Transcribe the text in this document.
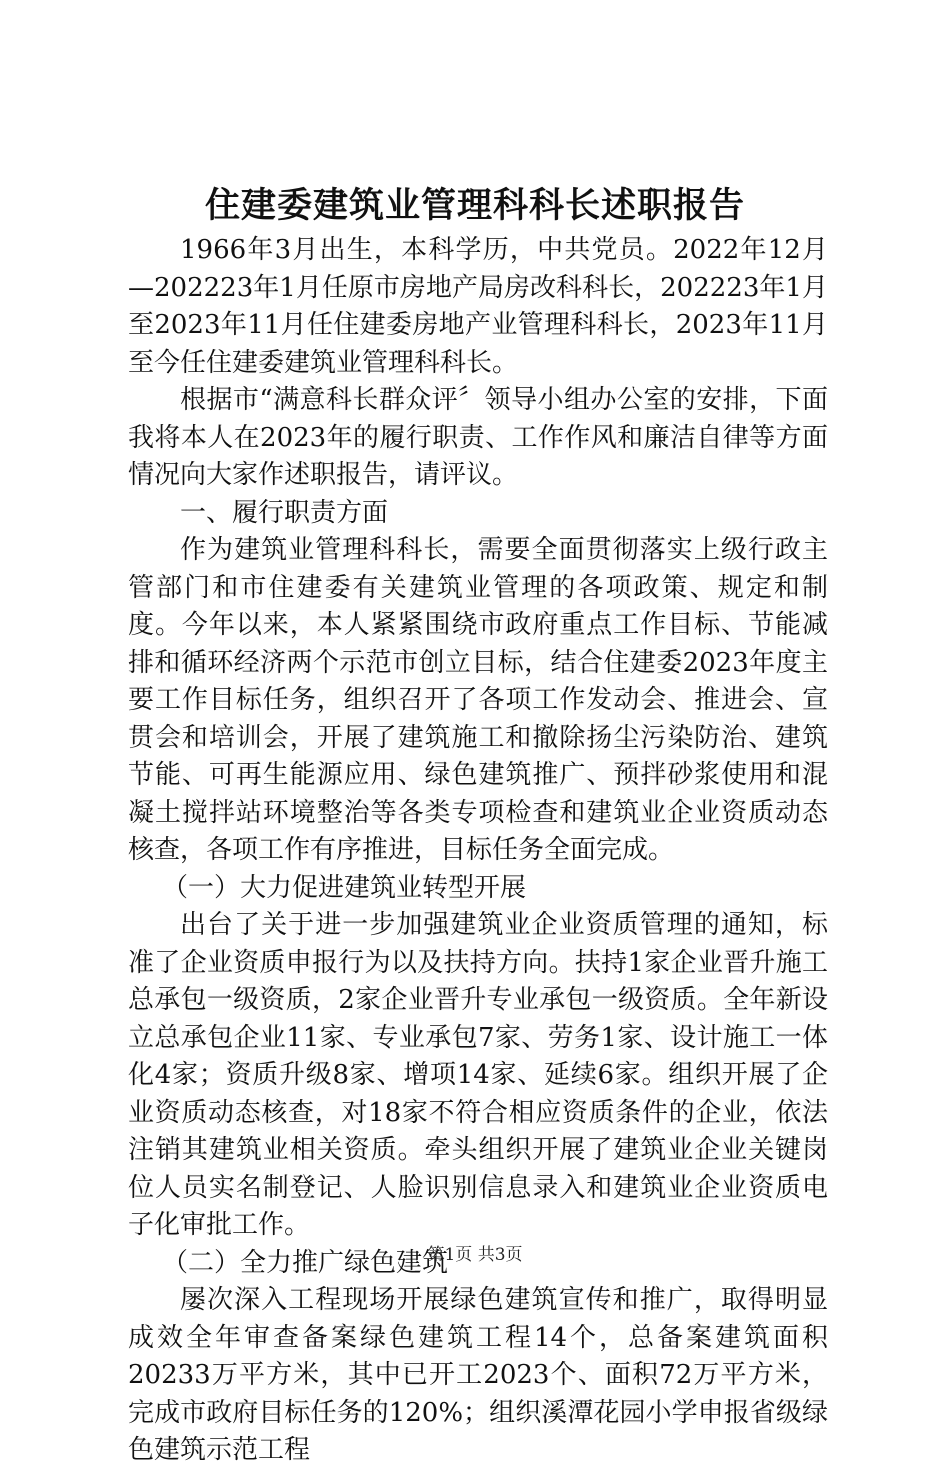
住建委建筑业管理科科长述职报告

1966年3月出生，本科学历，中共党员。2022年12月—202223年1月任原市房地产局房改科科长，202223年1月至2023年11月任住建委房地产业管理科科长，2023年11月至今任住建委建筑业管理科科长。

根据市“满意科长群众评〞领导小组办公室的安排，下面我将本人在2023年的履行职责、工作作风和廉洁自律等方面情况向大家作述职报告，请评议。

一、履行职责方面

作为建筑业管理科科长，需要全面贯彻落实上级行政主管部门和市住建委有关建筑业管理的各项政策、规定和制度。今年以来，本人紧紧围绕市政府重点工作目标、节能减排和循环经济两个示范市创立目标，结合住建委2023年度主要工作目标任务，组织召开了各项工作发动会、推进会、宣贯会和培训会，开展了建筑施工和撤除扬尘污染防治、建筑节能、可再生能源应用、绿色建筑推广、预拌砂浆使用和混凝土搅拌站环境整治等各类专项检查和建筑业企业资质动态核查，各项工作有序推进，目标任务全面完成。

（一）大力促进建筑业转型开展

出台了关于进一步加强建筑业企业资质管理的通知，标准了企业资质申报行为以及扶持方向。扶持1家企业晋升施工总承包一级资质，2家企业晋升专业承包一级资质。全年新设立总承包企业11家、专业承包7家、劳务1家、设计施工一体化4家；资质升级8家、增项14家、延续6家。组织开展了企业资质动态核查，对18家不符合相应资质条件的企业，依法注销其建筑业相关资质。牵头组织开展了建筑业企业关键岗位人员实名制登记、人脸识别信息录入和建筑业企业资质电子化审批工作。

（二）全力推广绿色建筑

屡次深入工程现场开展绿色建筑宣传和推广，取得明显成效全年审查备案绿色建筑工程14个，总备案建筑面积20233万平方米，其中已开工2023个、面积72万平方米，完成市政府目标任务的120%；组织溪潭花园小学申报省级绿色建筑示范工程

第1页 共3页
